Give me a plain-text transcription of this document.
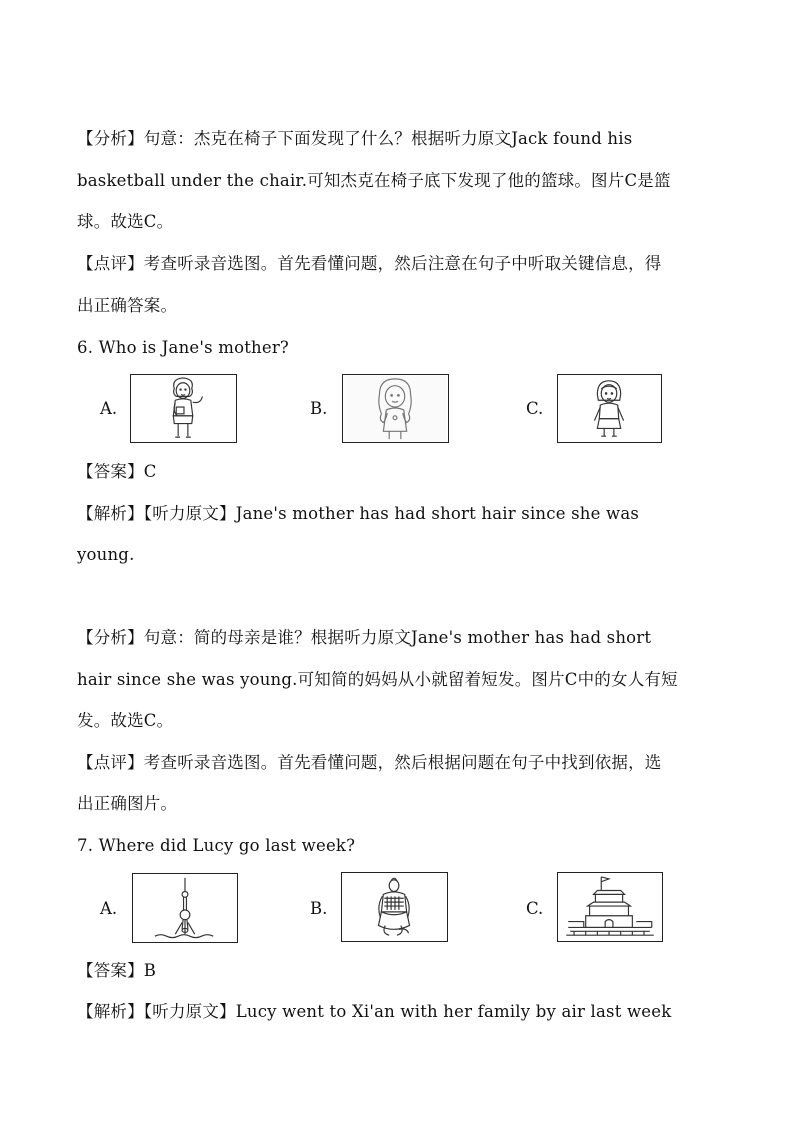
【分析】句意：杰克在椅子下面发现了什么？根据听力原文Jack found his
basketball under the chair.可知杰克在椅子底下发现了他的篮球。图片C是篮
球。故选C。
【点评】考查听录音选图。首先看懂问题，然后注意在句子中听取关键信息，得
出正确答案。
6. Who is Jane's mother?
A.	B.	C.
【答案】C
【解析】【听力原文】Jane's mother has had short hair since she was
young.
【分析】句意：简的母亲是谁？根据听力原文Jane's mother has had short
hair since she was young.可知简的妈妈从小就留着短发。图片C中的女人有短
发。故选C。
【点评】考查听录音选图。首先看懂问题，然后根据问题在句子中找到依据，选
出正确图片。
7. Where did Lucy go last week?
A.	B.	C.
【答案】B
【解析】【听力原文】Lucy went to Xi'an with her family by air last week
